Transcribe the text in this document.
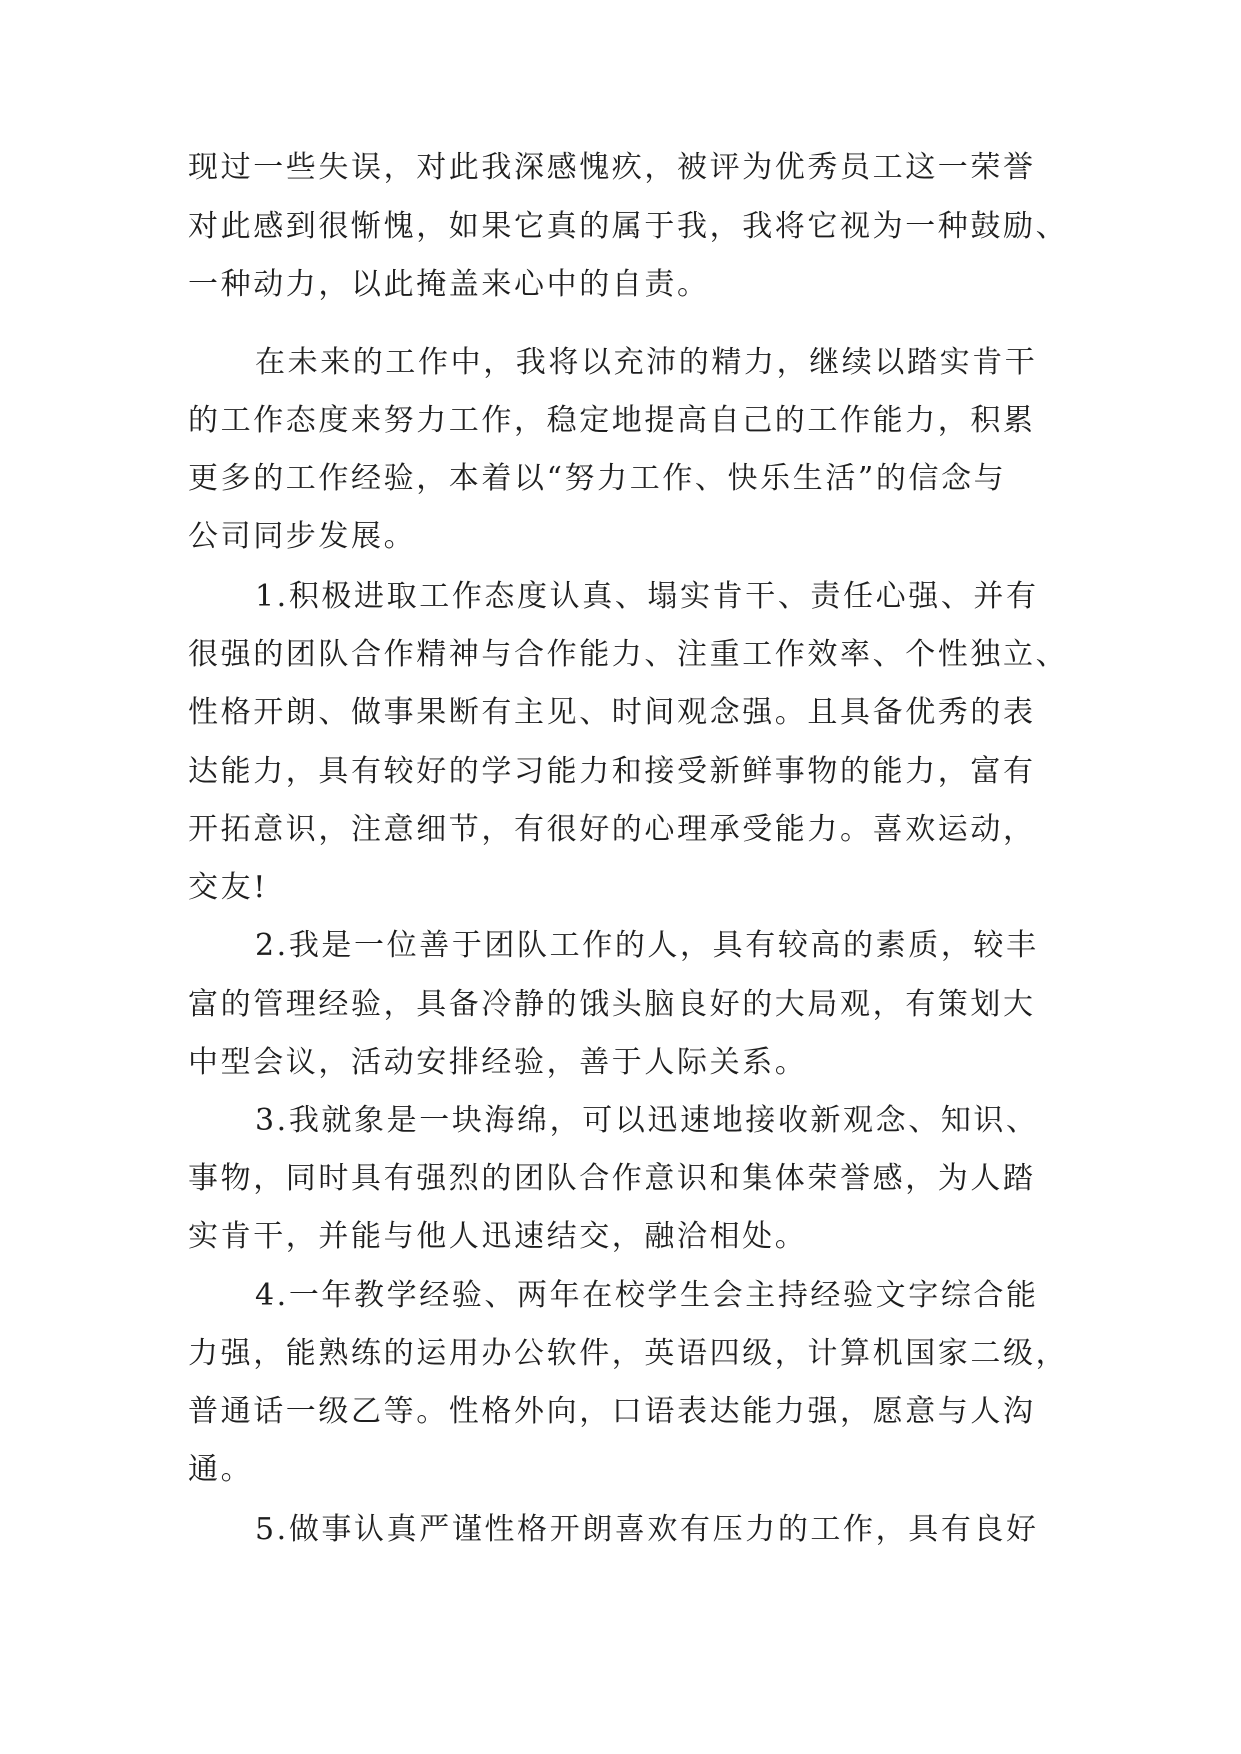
现过一些失误，对此我深感愧疚，被评为优秀员工这一荣誉
对此感到很惭愧，如果它真的属于我，我将它视为一种鼓励、
一种动力，以此掩盖来心中的自责。
在未来的工作中，我将以充沛的精力，继续以踏实肯干
的工作态度来努力工作，稳定地提高自己的工作能力，积累
更多的工作经验，本着以“努力工作、快乐生活”的信念与
公司同步发展。
1.积极进取工作态度认真、塌实肯干、责任心强、并有
很强的团队合作精神与合作能力、注重工作效率、个性独立、
性格开朗、做事果断有主见、时间观念强。且具备优秀的表
达能力，具有较好的学习能力和接受新鲜事物的能力，富有
开拓意识，注意细节，有很好的心理承受能力。喜欢运动，
交友!
2.我是一位善于团队工作的人，具有较高的素质，较丰
富的管理经验，具备冷静的饿头脑良好的大局观，有策划大
中型会议，活动安排经验，善于人际关系。
3.我就象是一块海绵，可以迅速地接收新观念、知识、
事物，同时具有强烈的团队合作意识和集体荣誉感，为人踏
实肯干，并能与他人迅速结交，融洽相处。
4.一年教学经验、两年在校学生会主持经验文字综合能
力强，能熟练的运用办公软件，英语四级，计算机国家二级，
普通话一级乙等。性格外向，口语表达能力强，愿意与人沟
通。
5.做事认真严谨性格开朗喜欢有压力的工作，具有良好
